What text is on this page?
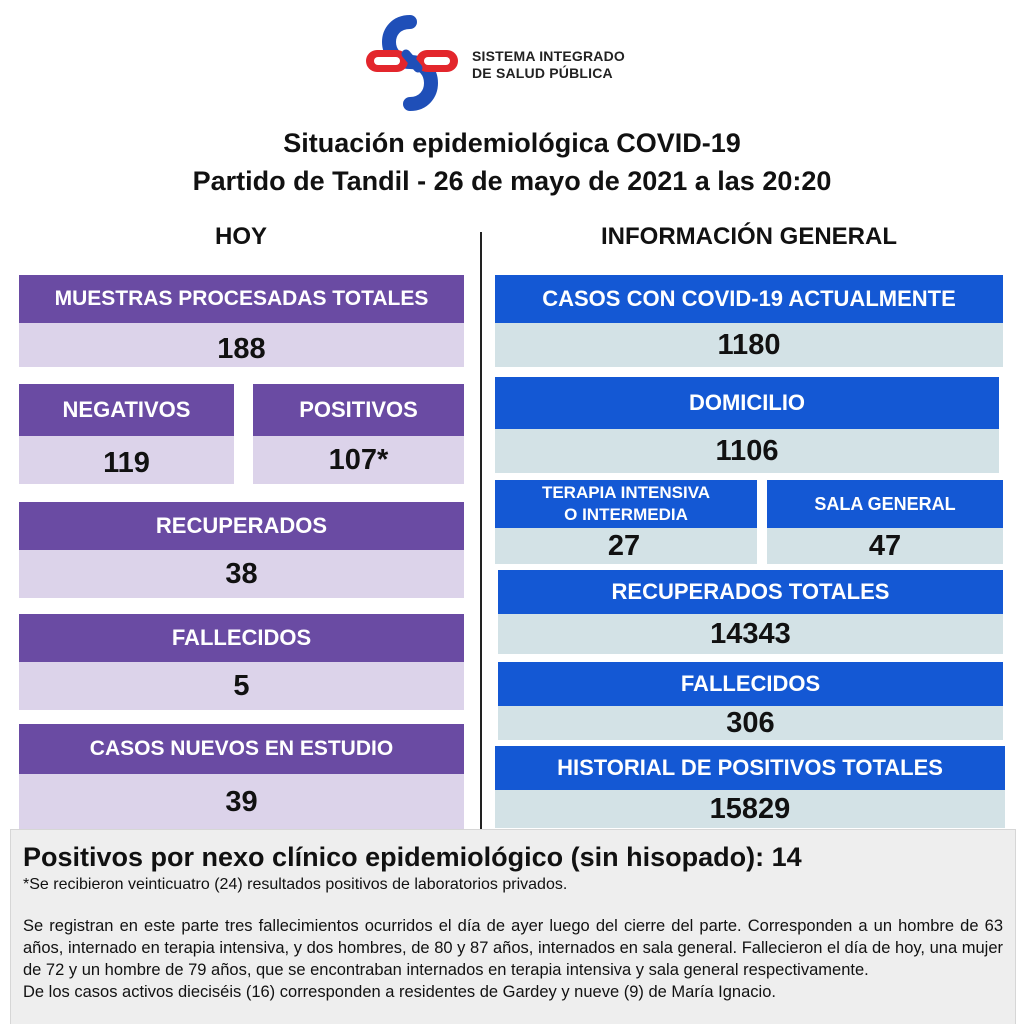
SISTEMA INTEGRADO
DE SALUD PÚBLICA
Situación epidemiológica COVID-19
Partido de Tandil - 26 de mayo de 2021 a las 20:20
HOY
MUESTRAS PROCESADAS TOTALES
188
NEGATIVOS
119
POSITIVOS
107*
RECUPERADOS
38
FALLECIDOS
5
CASOS NUEVOS EN ESTUDIO
39
INFORMACIÓN GENERAL
CASOS CON COVID-19 ACTUALMENTE
1180
DOMICILIO
1106
TERAPIA INTENSIVA
O INTERMEDIA
27
SALA GENERAL
47
RECUPERADOS TOTALES
14343
FALLECIDOS
306
HISTORIAL DE POSITIVOS TOTALES
15829
Positivos por nexo clínico epidemiológico (sin hisopado): 14
*Se recibieron veinticuatro (24) resultados positivos de laboratorios privados.
Se registran en este parte tres fallecimientos ocurridos el día de ayer luego del cierre del parte. Corresponden a un hombre de 63 años, internado en terapia intensiva, y dos hombres, de 80 y 87 años, internados en sala general. Fallecieron el día de hoy, una mujer de 72 y un hombre de 79 años, que se encontraban internados en terapia intensiva y sala general respectivamente.
De los casos activos dieciséis (16) corresponden a residentes de Gardey y nueve (9) de María Ignacio.
